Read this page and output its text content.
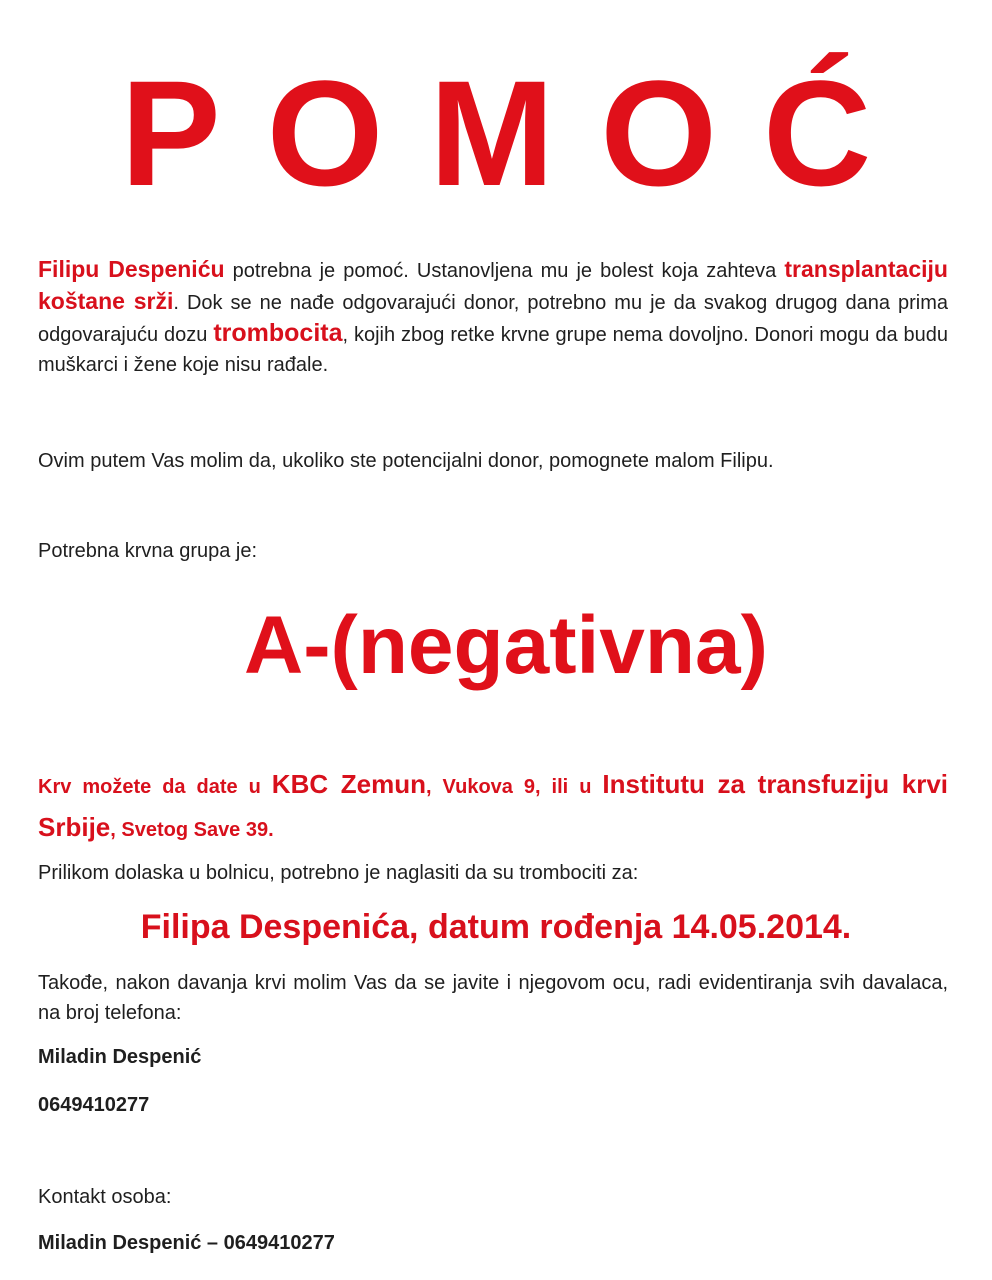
POMOĆ
Filipu Despeniću potrebna je pomoć. Ustanovljena mu je bolest koja zahteva transplantaciju koštane srži. Dok se ne nađe odgovarajući donor, potrebno mu je da svakog drugog dana prima odgovarajuću dozu trombocita, kojih zbog retke krvne grupe nema dovoljno. Donori mogu da budu muškarci i žene koje nisu rađale.
Ovim putem Vas molim da, ukoliko ste potencijalni donor, pomognete malom Filipu.
Potrebna krvna grupa je:
A-(negativna)
Krv možete da date u KBC Zemun, Vukova 9, ili u Institutu za transfuziju krvi Srbije, Svetog Save 39.
Prilikom dolaska u bolnicu, potrebno je naglasiti da su trombociti za:
Filipa Despenića, datum rođenja 14.05.2014.
Takođe, nakon davanja krvi molim Vas da se javite i njegovom ocu, radi evidentiranja svih davalaca, na broj telefona:
Miladin Despenić
0649410277
Kontakt osoba:
Miladin Despenić – 0649410277
